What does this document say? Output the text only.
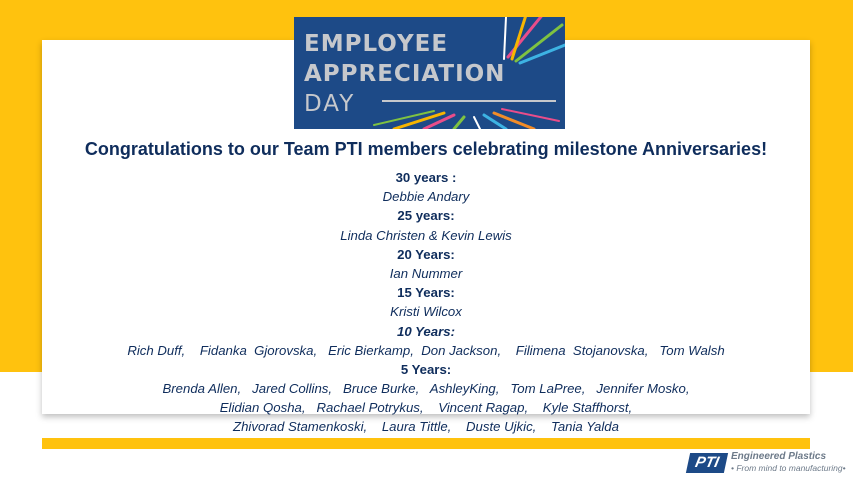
EMPLOYEE
APPRECIATION
DAY
Congratulations to our Team PTI members celebrating milestone Anniversaries!
30 years :
Debbie Andary
25 years:
Linda Christen & Kevin Lewis
20 Years:
Ian Nummer
15 Years:
Kristi Wilcox
10 Years:
Rich Duff,    Fidanka  Gjorovska,   Eric Bierkamp,  Don Jackson,    Filimena  Stojanovska,   Tom Walsh
5 Years:
Brenda Allen,   Jared Collins,   Bruce Burke,   AshleyKing,   Tom LaPree,   Jennifer Mosko,
Elidian Qosha,   Rachael Potrykus,    Vincent Ragap,    Kyle Staffhorst,
Zhivorad Stamenkoski,    Laura Tittle,    Duste Ujkic,    Tania Yalda
PTI	Engineered Plastics
• From mind to manufacturing•
